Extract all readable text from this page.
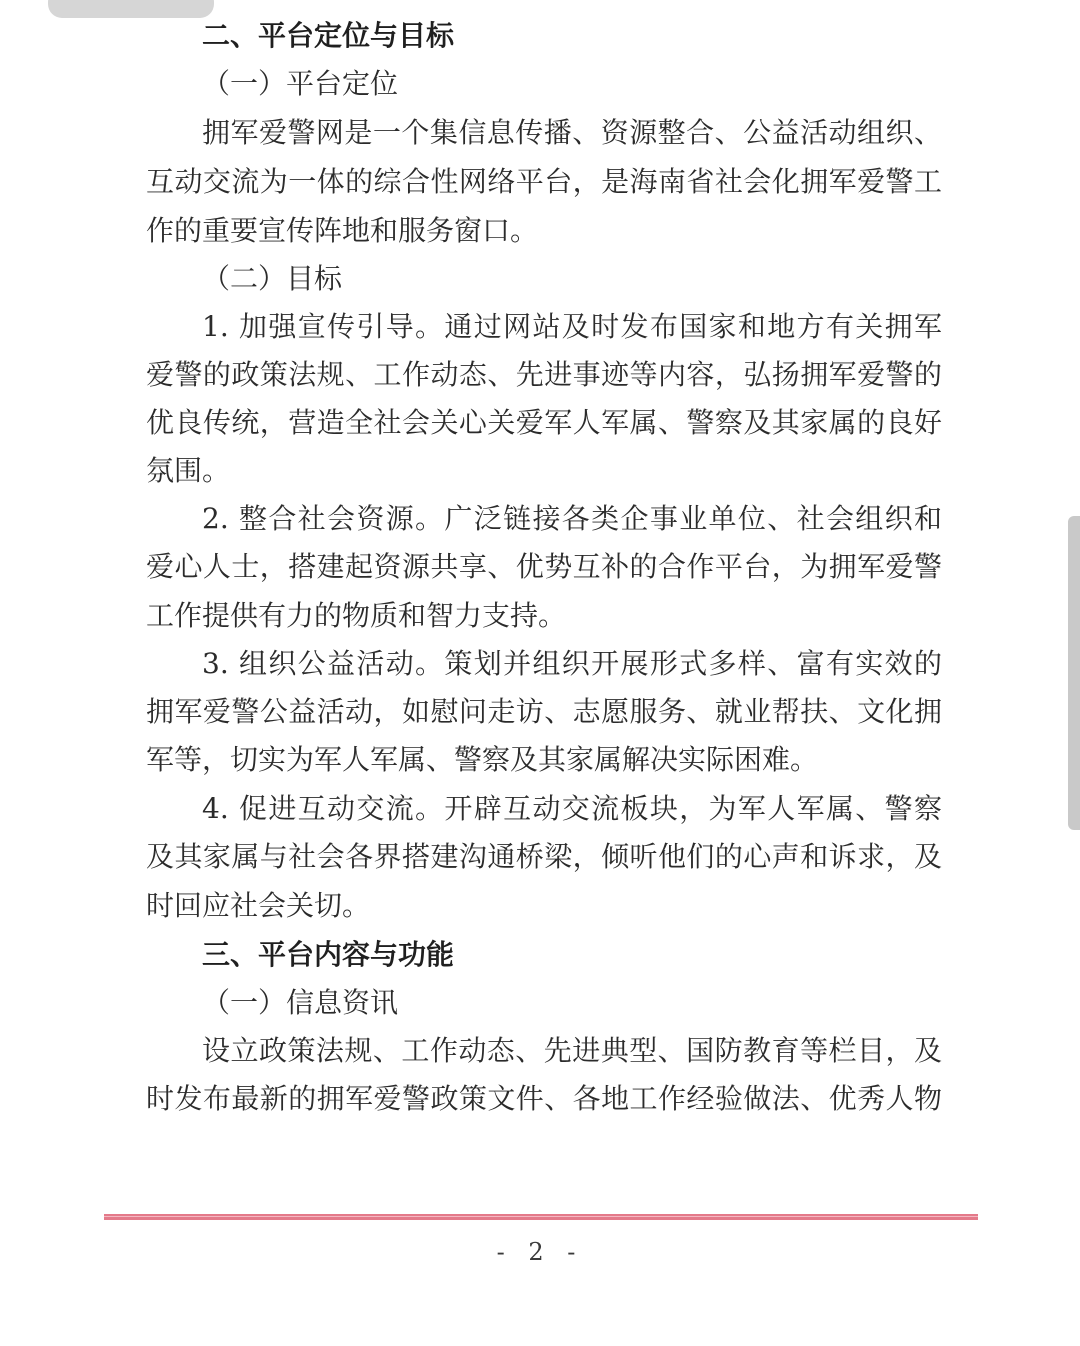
二、平台定位与目标
（一）平台定位
拥军爱警网是一个集信息传播、资源整合、公益活动组织、
互动交流为一体的综合性网络平台，是海南省社会化拥军爱警工
作的重要宣传阵地和服务窗口。
（二）目标
1. 加强宣传引导。通过网站及时发布国家和地方有关拥军
爱警的政策法规、工作动态、先进事迹等内容，弘扬拥军爱警的
优良传统，营造全社会关心关爱军人军属、警察及其家属的良好
氛围。
2. 整合社会资源。广泛链接各类企事业单位、社会组织和
爱心人士，搭建起资源共享、优势互补的合作平台，为拥军爱警
工作提供有力的物质和智力支持。
3. 组织公益活动。策划并组织开展形式多样、富有实效的
拥军爱警公益活动，如慰问走访、志愿服务、就业帮扶、文化拥
军等，切实为军人军属、警察及其家属解决实际困难。
4. 促进互动交流。开辟互动交流板块，为军人军属、警察
及其家属与社会各界搭建沟通桥梁，倾听他们的心声和诉求，及
时回应社会关切。
三、平台内容与功能
（一）信息资讯
设立政策法规、工作动态、先进典型、国防教育等栏目，及
时发布最新的拥军爱警政策文件、各地工作经验做法、优秀人物
- 2 -
